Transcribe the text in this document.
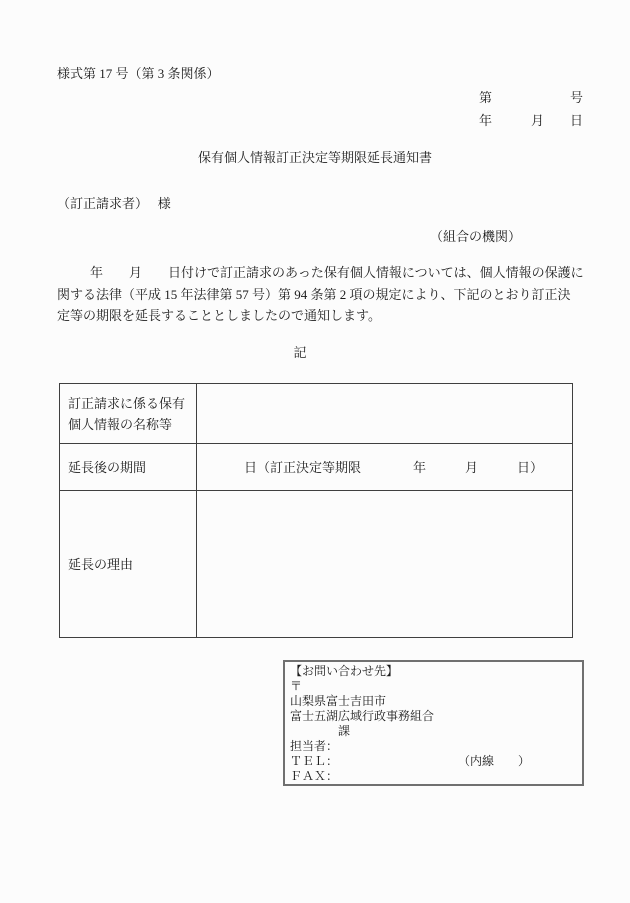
様式第 17 号（第 3 条関係）
第　　　　　　号
年　　　月　　日
保有個人情報訂正決定等期限延長通知書
（訂正請求者）　 様
（組合の機関）
年　　月　　日付けで訂正請求のあった保有個人情報については、個人情報の保護に
関する法律（平成 15 年法律第 57 号）第 94 条第 2 項の規定により、下記のとおり訂正決
定等の期限を延長することとしましたので通知します。
記
訂正請求に係る保有個人情報の名称等	
延長後の期間	　　　日（訂正決定等期限　　　　年　　　月　　　日）
延長の理由	
【お問い合わせ先】
〒
山梨県富士吉田市
富士五湖広域行政事務組合
　　　　課
担当者：
ＴＥＬ：　　　　　　　　　　　（内線　　）
ＦＡＸ：
